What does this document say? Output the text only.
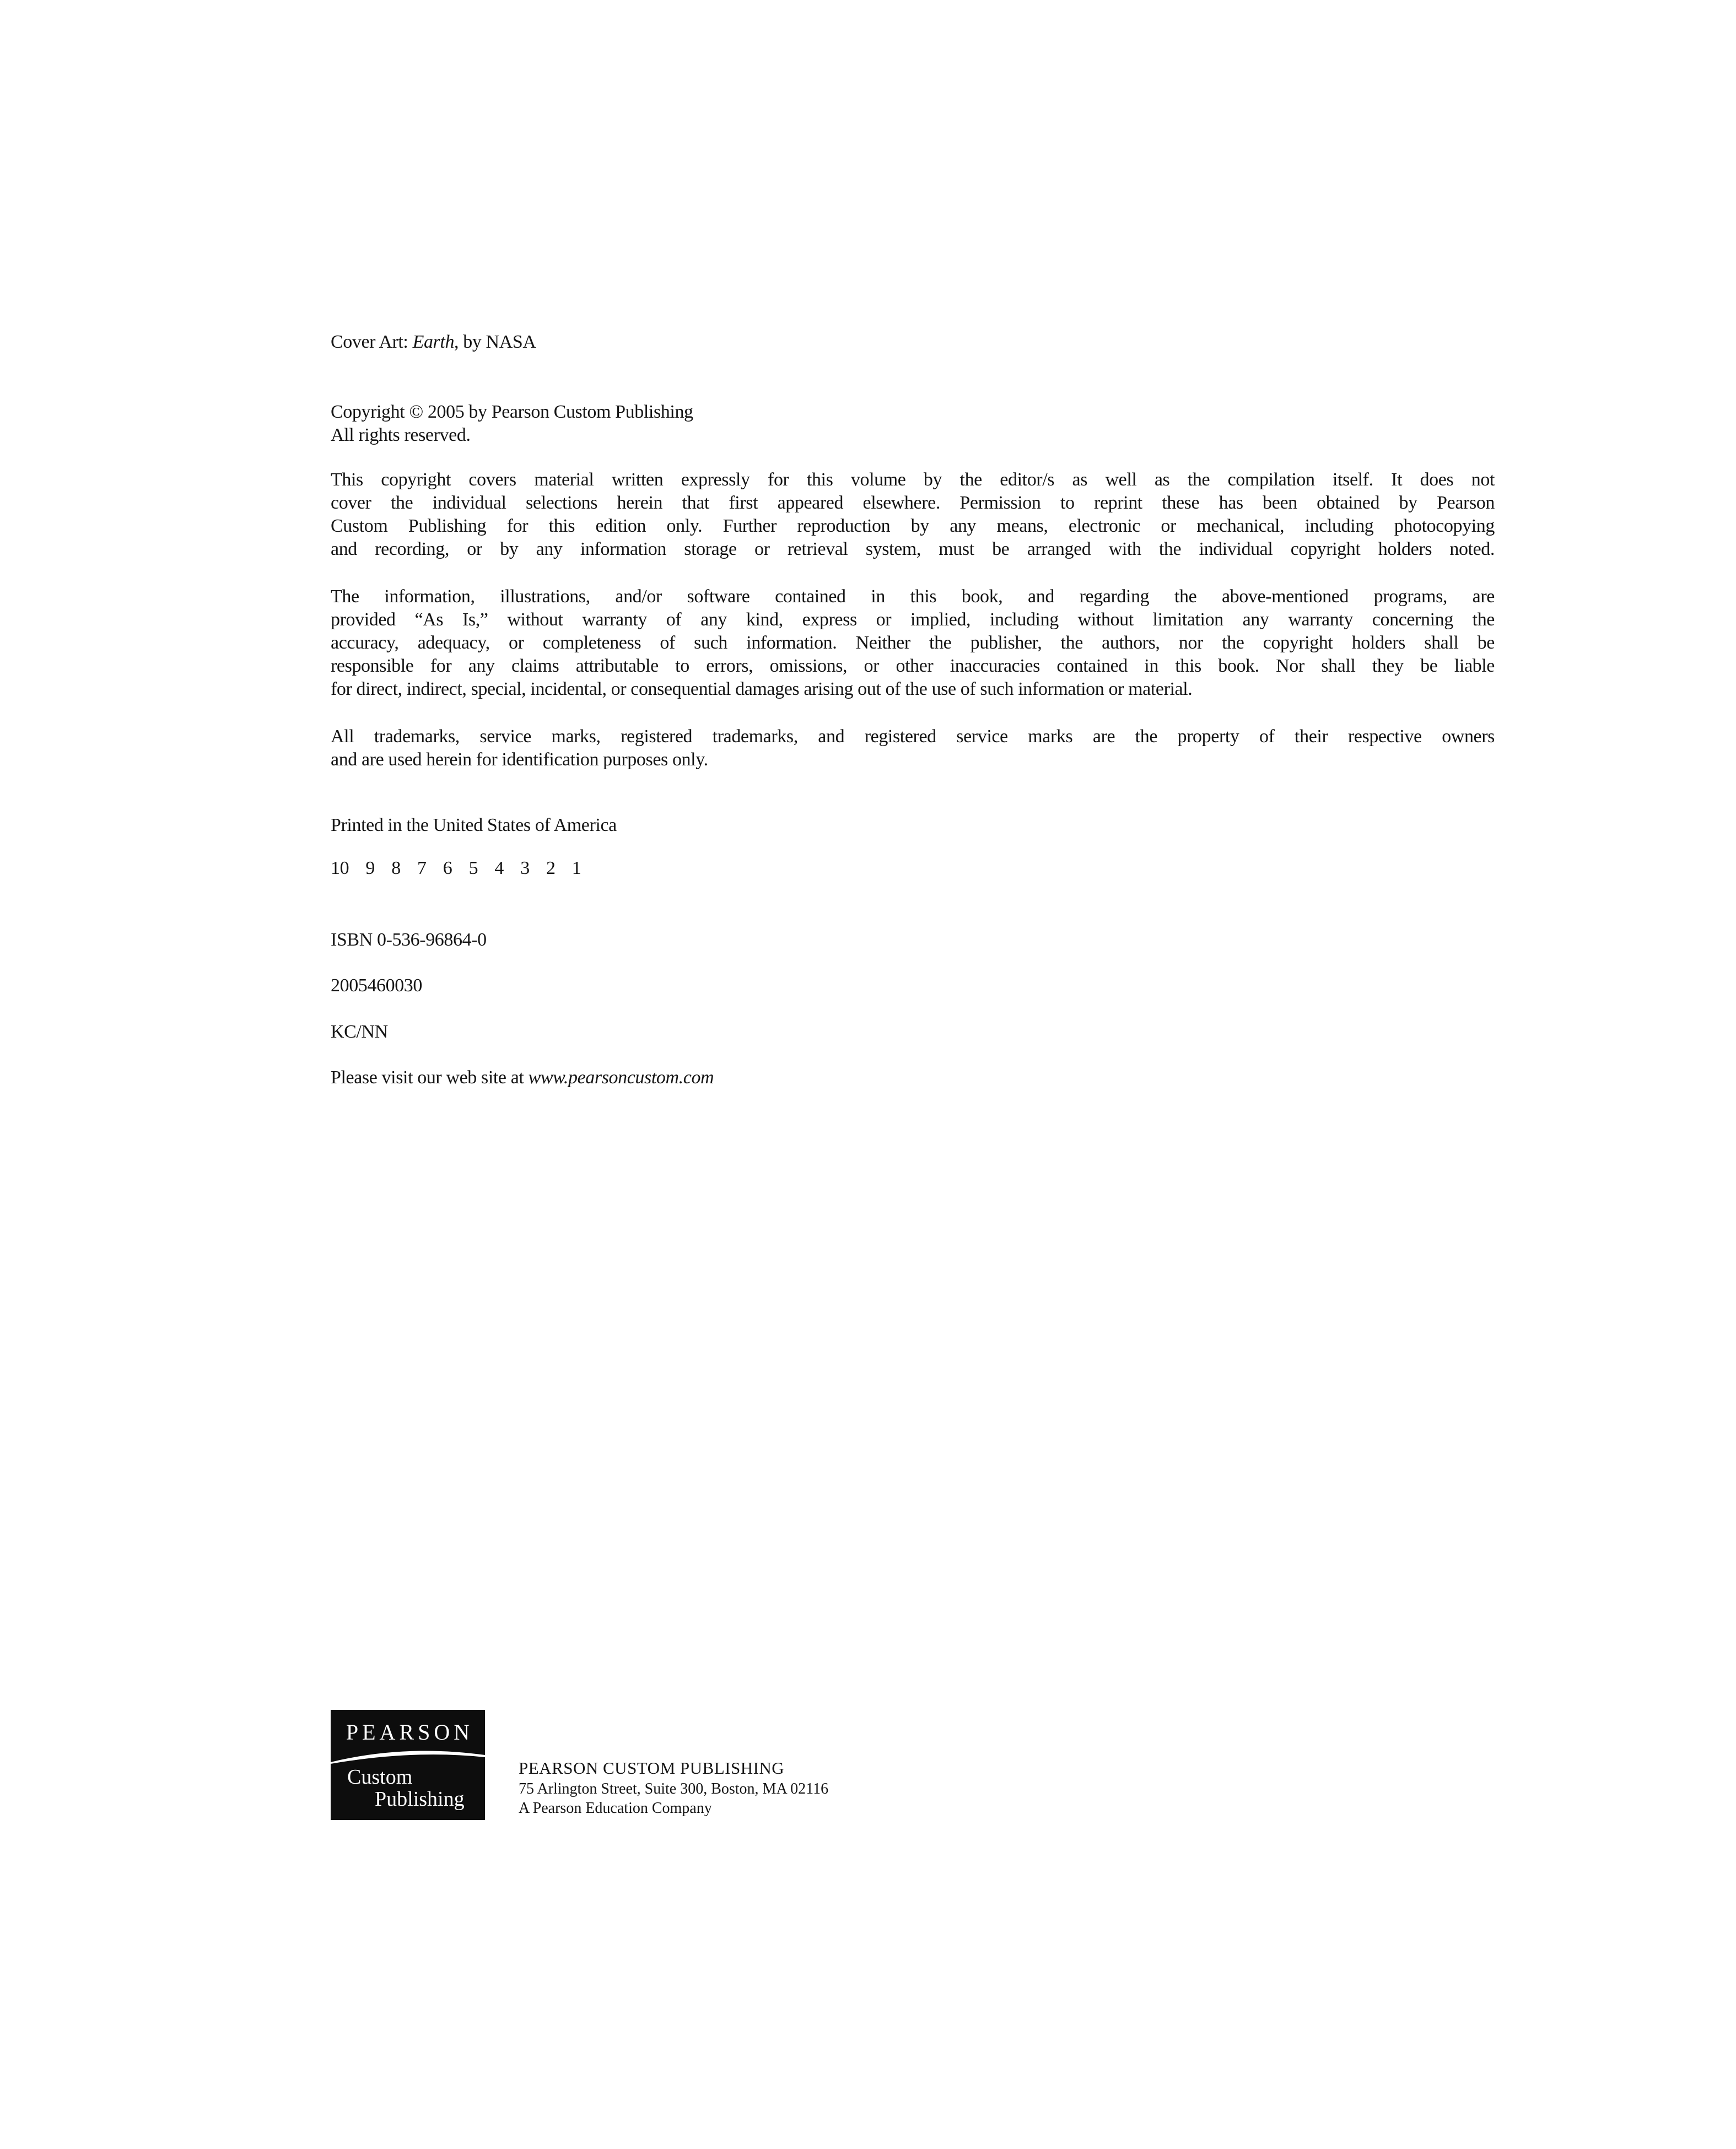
Cover Art: Earth, by NASA
Copyright © 2005 by Pearson Custom Publishing
All rights reserved.
This copyright covers material written expressly for this volume by the editor/s as well as the compilation itself. It does not
cover the individual selections herein that first appeared elsewhere. Permission to reprint these has been obtained by Pearson
Custom Publishing for this edition only. Further reproduction by any means, electronic or mechanical, including photocopying
and recording, or by any information storage or retrieval system, must be arranged with the individual copyright holders noted.
The information, illustrations, and/or software contained in this book, and regarding the above-mentioned programs, are
provided “As Is,” without warranty of any kind, express or implied, including without limitation any warranty concerning the
accuracy, adequacy, or completeness of such information. Neither the publisher, the authors, nor the copyright holders shall be
responsible for any claims attributable to errors, omissions, or other inaccuracies contained in this book. Nor shall they be liable
for direct, indirect, special, incidental, or consequential damages arising out of the use of such information or material.
All trademarks, service marks, registered trademarks, and registered service marks are the property of their respective owners
and are used herein for identification purposes only.
Printed in the United States of America
10  9  8  7  6  5  4  3  2  1
ISBN 0-536-96864-0
2005460030
KC/NN
Please visit our web site at www.pearsoncustom.com
PEARSON
Custom
Publishing
PEARSON CUSTOM PUBLISHING
75 Arlington Street, Suite 300, Boston, MA 02116
A Pearson Education Company
